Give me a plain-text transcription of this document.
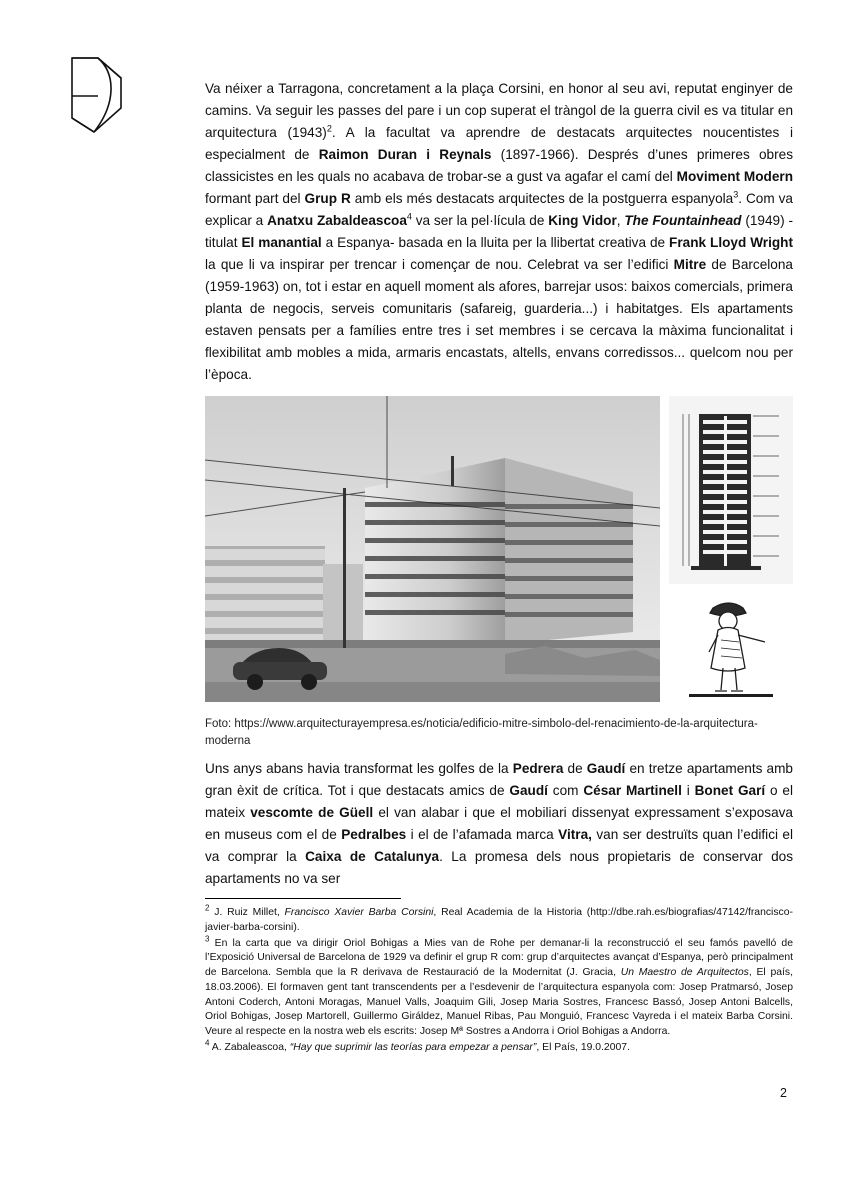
Va néixer a Tarragona, concretament a la plaça Corsini, en honor al seu avi, reputat enginyer de camins. Va seguir les passes del pare i un cop superat el tràngol de la guerra civil es va titular en arquitectura $(1943)^2$. A la facultat va aprendre de destacats arquitectes noucentistes i especialment de Raimon Duran i Reynals (1897-1966). Després d’unes primeres obres classicistes en les quals no acabava de trobar-se a gust va agafar el camí del Moviment Modern formant part del Grup R amb els més destacats arquitectes de la postguerra espanyola$^3$. Com va explicar a Anatxu Zabaldeascoa$^4$ va ser la pel·lícula de King Vidor, The Fountainhead (1949) -titulat El manantial a Espanya- basada en la lluita per la llibertat creativa de Frank Lloyd Wright la que li va inspirar per trencar i començar de nou. Celebrat va ser l’edifici Mitre de Barcelona (1959-1963) on, tot i estar en aquell moment als afores, barrejar usos: baixos comercials, primera planta de negocis, serveis comunitaris (safareig, guarderia...) i habitatges. Els apartaments estaven pensats per a famílies entre tres i set membres i se cercava la màxima funcionalitat i flexibilitat amb mobles a mida, armaris encastats, altells, envans corredissos... quelcom nou per l’època.

Foto: https://www.arquitecturayempresa.es/noticia/edificio-mitre-simbolo-del-renacimiento-de-la-arquitectura-moderna

Uns anys abans havia transformat les golfes de la Pedrera de Gaudí en tretze apartaments amb gran èxit de crítica. Tot i que destacats amics de Gaudí com César Martinell i Bonet Garí o el mateix vescomte de Güell el van alabar i que el mobiliari dissenyat expressament s’exposava en museus com el de Pedralbes i el de l’afamada marca Vitra, van ser destruïts quan l’edifici el va comprar la Caixa de Catalunya. La promesa dels nous propietaris de conservar dos apartaments no va ser

$^2$ J. Ruiz Millet, Francisco Xavier Barba Corsini, Real Academia de la Historia (http://dbe.rah.es/biografias/47142/francisco-javier-barba-corsini).

$^3$ En la carta que va dirigir Oriol Bohigas a Mies van de Rohe per demanar-li la reconstrucció el seu famós pavelló de l’Exposició Universal de Barcelona de 1929 va definir el grup R com: grup d’arquitectes avançat d’Espanya, però principalment de Barcelona. Sembla que la R derivava de Restauració de la Modernitat (J. Gracia, Un Maestro de Arquitectos, El país, 18.03.2006). El formaven gent tant transcendents per a l’esdevenir de l’arquitectura espanyola com: Josep Pratmarsó, Josep Antoni Coderch, Antoni Moragas, Manuel Valls, Joaquim Gili, Josep Maria Sostres, Francesc Bassó, Josep Antoni Balcells, Oriol Bohigas, Josep Martorell, Guillermo Giráldez, Manuel Ribas, Pau Monguió, Francesc Vayreda i el mateix Barba Corsini. Veure al respecte en la nostra web els escrits: Josep Mª Sostres a Andorra i Oriol Bohigas a Andorra.

$^4$ A. Zabaleascoa, “Hay que suprimir las teorías para empezar a pensar”, El País, 19.0.2007.

2
